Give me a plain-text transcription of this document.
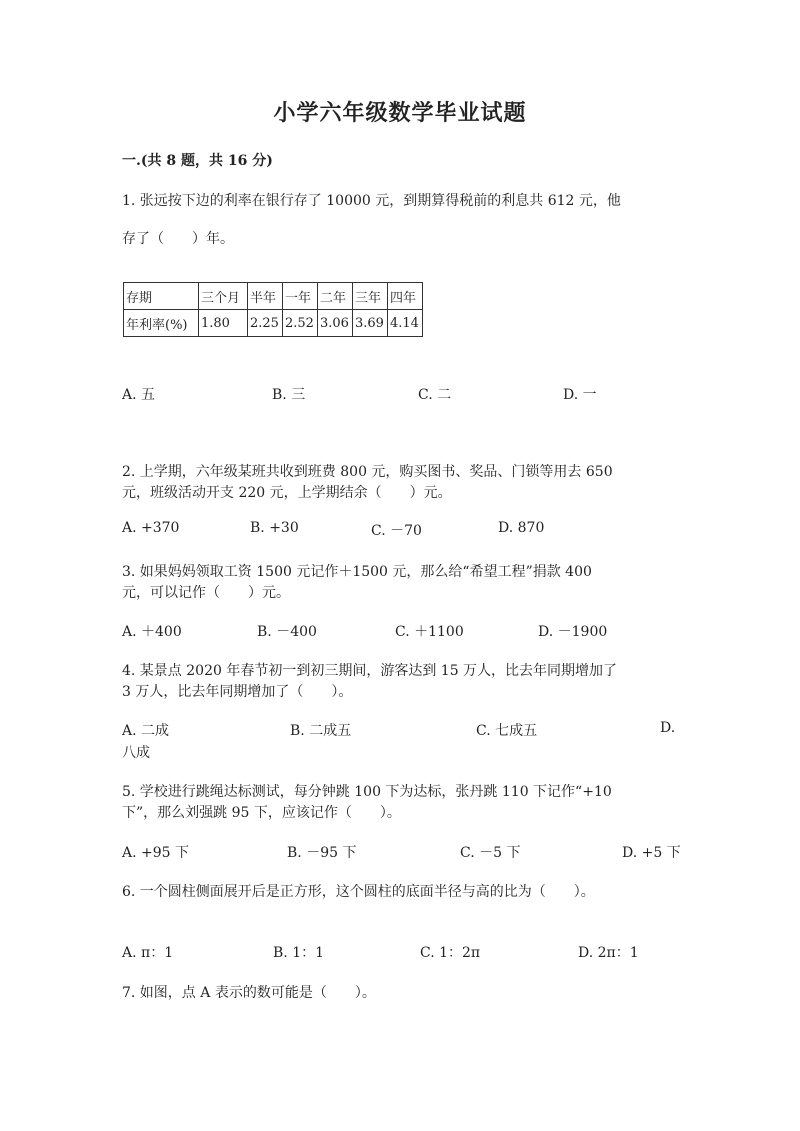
小学六年级数学毕业试题
一.(共 8 题，共 16 分)
1. 张远按下边的利率在银行存了 10000 元，到期算得税前的利息共 612 元，他
存了（　　）年。
存期	三个月	半年	一年	二年	三年	四年
年利率(%)	1.80	2.25	2.52	3.06	3.69	4.14
A. 五	B. 三	C. 二	D. 一
2. 上学期，六年级某班共收到班费 800 元，购买图书、奖品、门锁等用去 650
元，班级活动开支 220 元，上学期结余（　　）元。
A. +370	B. +30	C. －70	D. 870
3. 如果妈妈领取工资 1500 元记作＋1500 元，那么给“希望工程”捐款 400
元，可以记作（　　）元。
A. ＋400	B. －400	C. ＋1100	D. －1900
4. 某景点 2020 年春节初一到初三期间，游客达到 15 万人，比去年同期增加了
3 万人，比去年同期增加了（　　）。
A. 二成	B. 二成五	C. 七成五	D.
八成
5. 学校进行跳绳达标测试，每分钟跳 100 下为达标，张丹跳 110 下记作“+10
下”，那么刘强跳 95 下，应该记作（　　）。
A. +95 下	B. －95 下	C. －5 下	D. +5 下
6. 一个圆柱侧面展开后是正方形，这个圆柱的底面半径与高的比为（　　）。
A. π：1	B. 1：1	C. 1：2π	D. 2π：1
7. 如图，点 A 表示的数可能是（　　）。
